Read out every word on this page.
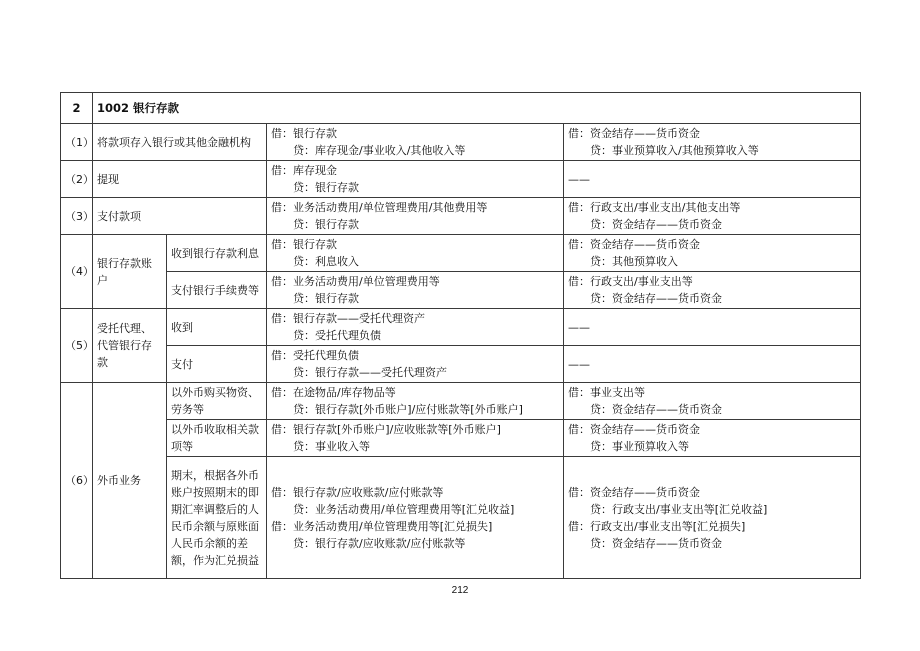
2	1002 银行存款			
（1）	将款项存入银行或其他金融机构		借：银行存款
贷：库存现金/事业收入/其他收入等	借：资金结存——货币资金
贷：事业预算收入/其他预算收入等

（2）	提现		借：库存现金
贷：银行存款	——

（3）	支付款项		借：业务活动费用/单位管理费用/其他费用等
贷：银行存款	借：行政支出/事业支出/其他支出等
贷：资金结存——货币资金

（4）	银行存款账户	收到银行存款利息	借：银行存款
贷：利息收入	借：资金结存——货币资金
贷：其他预算收入

		支付银行手续费等	借：业务活动费用/单位管理费用等
贷：银行存款	借：行政支出/事业支出等
贷：资金结存——货币资金

（5）	受托代理、代管银行存款	收到	借：银行存款——受托代理资产
贷：受托代理负债	——

		支付	借：受托代理负债
贷：银行存款——受托代理资产	——

（6）	外币业务	以外币购买物资、劳务等	借：在途物品/库存物品等
贷：银行存款[外币账户]/应付账款等[外币账户]	借：事业支出等
贷：资金结存——货币资金

		以外币收取相关款项等	借：银行存款[外币账户]/应收账款等[外币账户]
贷：事业收入等	借：资金结存——货币资金
贷：事业预算收入等

		期末，根据各外币账户按照期末的即期汇率调整后的人民币余额与原账面人民币余额的差额，作为汇兑损益	借：银行存款/应收账款/应付账款等
贷：业务活动费用/单位管理费用等[汇兑收益]
借：业务活动费用/单位管理费用等[汇兑损失]
贷：银行存款/应收账款/应付账款等	借：资金结存——货币资金
贷：行政支出/事业支出等[汇兑收益]
借：行政支出/事业支出等[汇兑损失]
贷：资金结存——货币资金
212
